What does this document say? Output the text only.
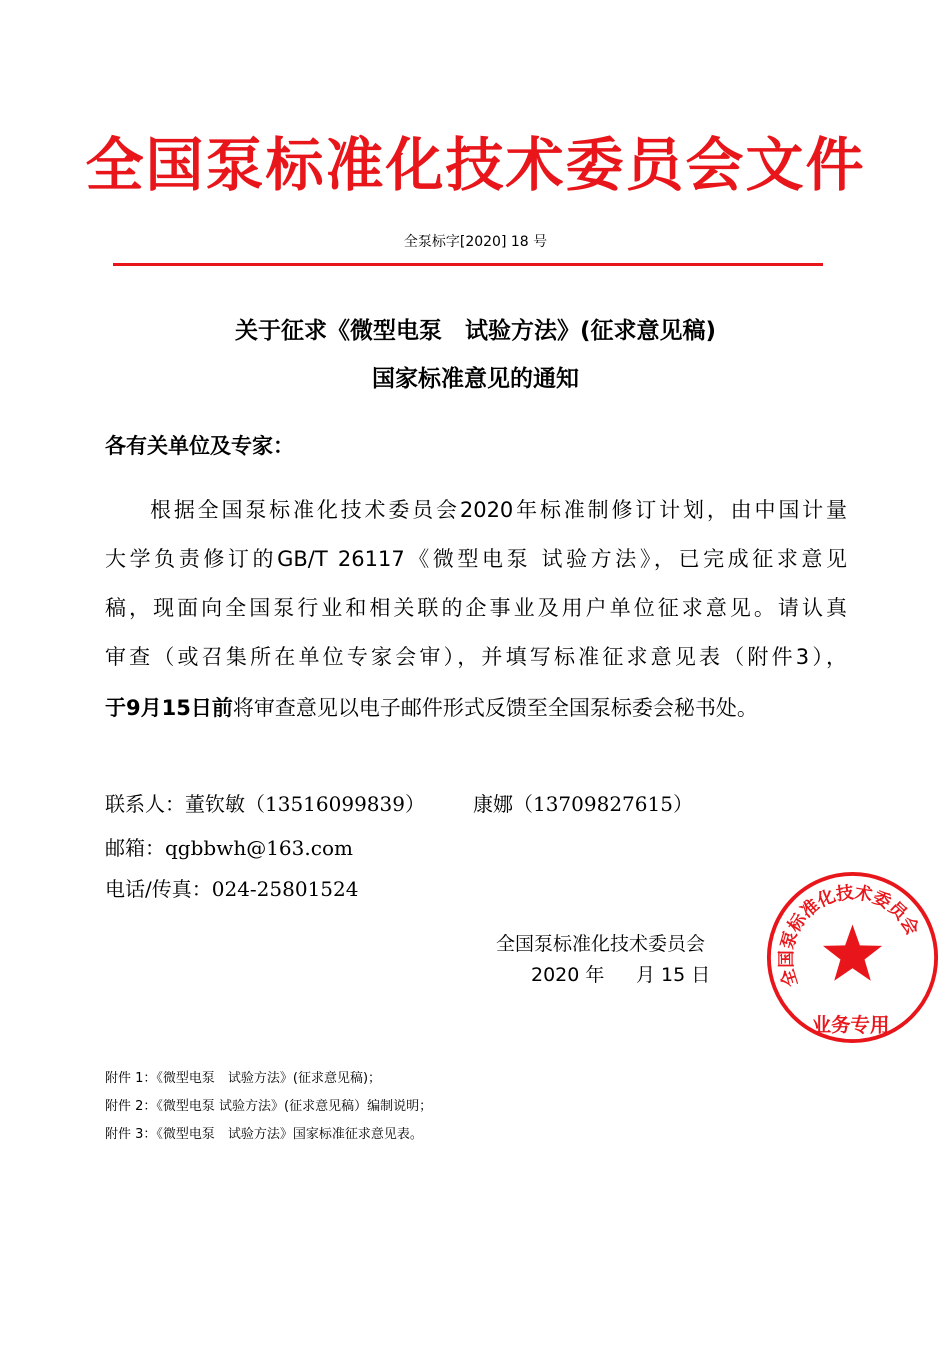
全国泵标准化技术委员会文件
全泵标字[2020] 18 号
关于征求《微型电泵　试验方法》(征求意见稿)
国家标准意见的通知
各有关单位及专家：
根据全国泵标准化技术委员会2020年标准制修订计划，由中国计量
大学负责修订的GB/T 26117《微型电泵 试验方法》，已完成征求意见
稿，现面向全国泵行业和相关联的企事业及用户单位征求意见。请认真
审查（或召集所在单位专家会审），并填写标准征求意见表（附件3），
于9月15日前将审查意见以电子邮件形式反馈至全国泵标委会秘书处。
联系人：董钦敏（13516099839） 康娜（13709827615）
邮箱：qgbbwh@163.com
电话/传真：024-25801524
全国泵标准化技术委员会
2020 年 月 15 日	全国泵标准化技术委员会
业务专用
附件 1：《微型电泵　试验方法》(征求意见稿)；
附件 2：《微型电泵 试验方法》(征求意见稿）编制说明；
附件 3：《微型电泵　试验方法》国家标准征求意见表。
